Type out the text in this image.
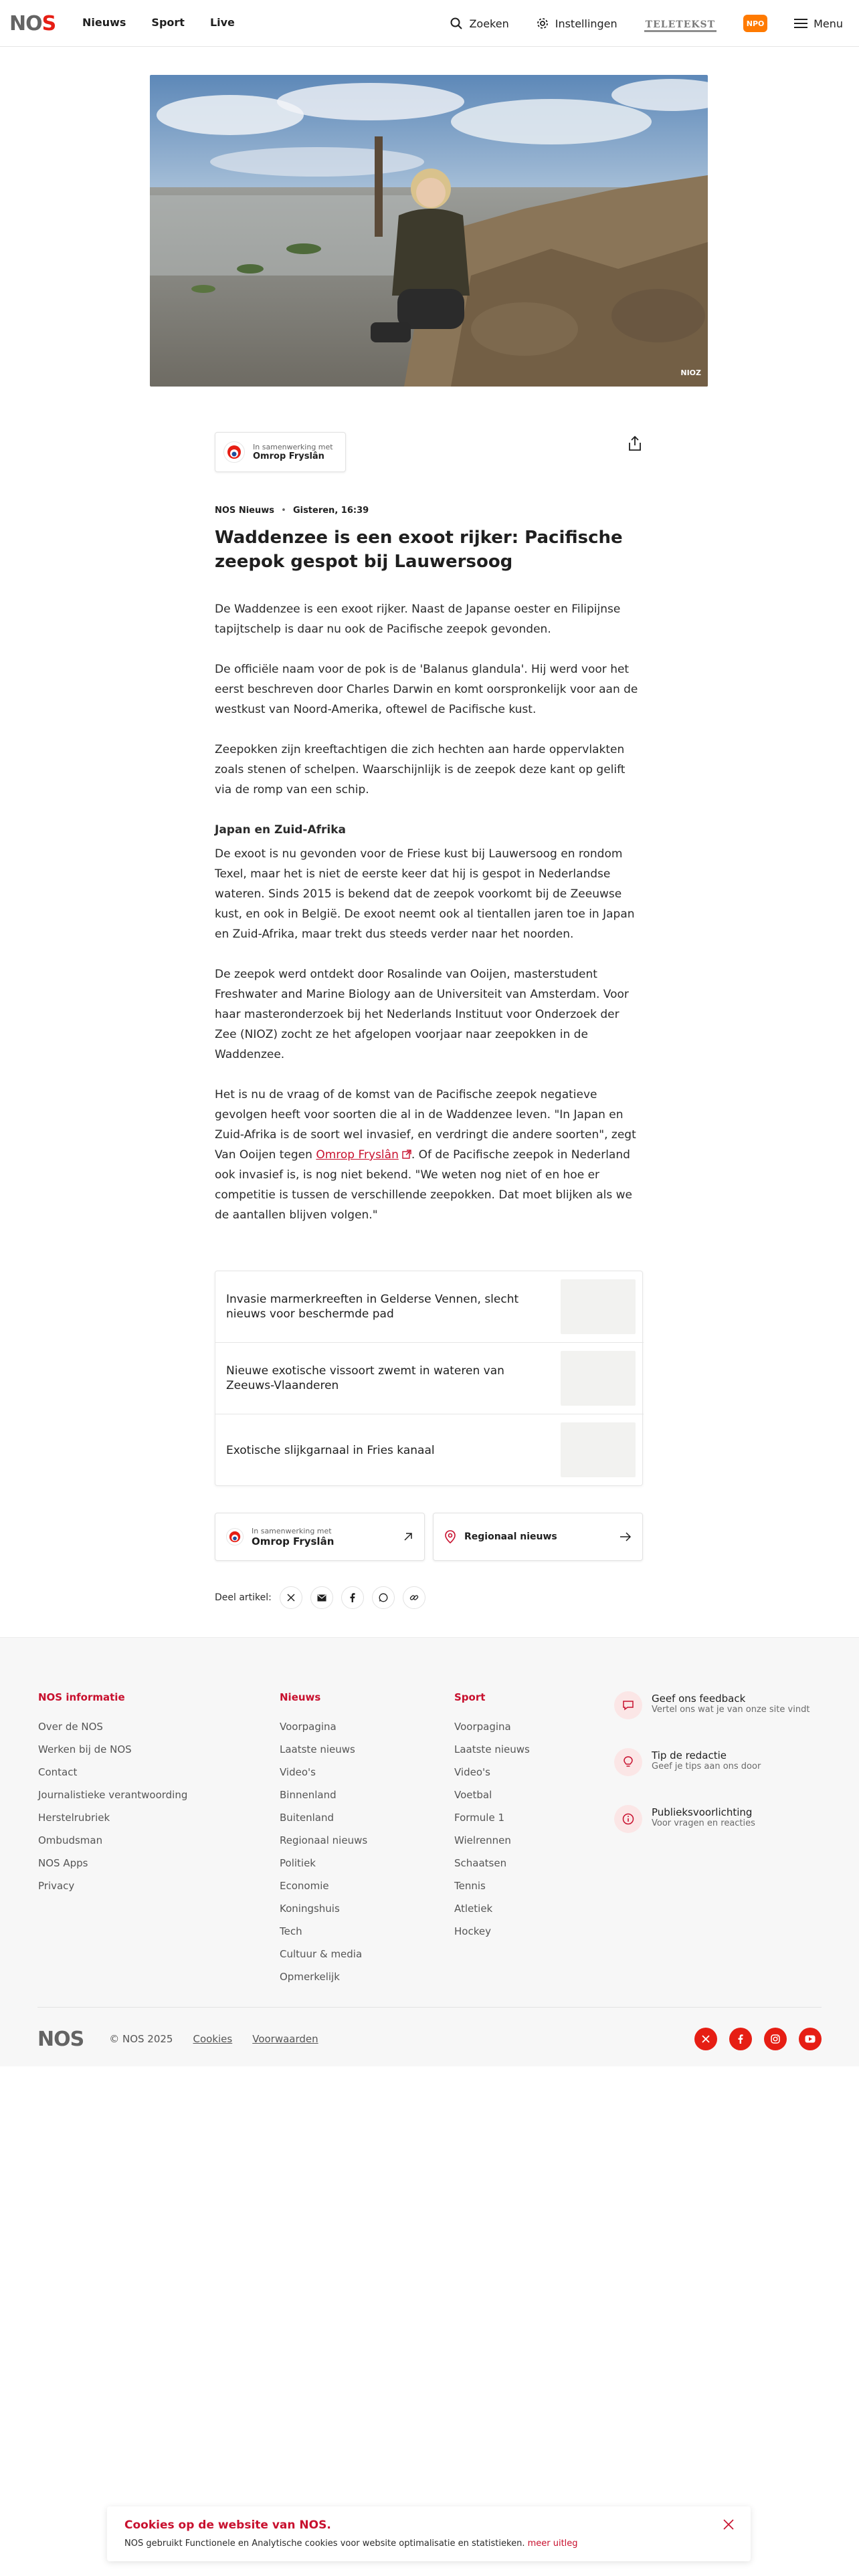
NOS Nieuws Sport Live	Zoeken	Instellingen	TELETEKST	NPO	Menu
NIOZ
In samenwerking met
Omrop Fryslân
NOS Nieuws • Gisteren, 16:39
Waddenzee is een exoot rijker: Pacifische zeepok gespot bij Lauwersoog

De Waddenzee is een exoot rijker. Naast de Japanse oester en Filipijnse tapijtschelp is daar nu ook de Pacifische zeepok gevonden.

De officiële naam voor de pok is de 'Balanus glandula'. Hij werd voor het eerst beschreven door Charles Darwin en komt oorspronkelijk voor aan de westkust van Noord-Amerika, oftewel de Pacifische kust.

Zeepokken zijn kreeftachtigen die zich hechten aan harde oppervlakten zoals stenen of schelpen. Waarschijnlijk is de zeepok deze kant op gelift via de romp van een schip.

Japan en Zuid-Afrika

De exoot is nu gevonden voor de Friese kust bij Lauwersoog en rondom Texel, maar het is niet de eerste keer dat hij is gespot in Nederlandse wateren. Sinds 2015 is bekend dat de zeepok voorkomt bij de Zeeuwse kust, en ook in België. De exoot neemt ook al tientallen jaren toe in Japan en Zuid-Afrika, maar trekt dus steeds verder naar het noorden.

De zeepok werd ontdekt door Rosalinde van Ooijen, masterstudent Freshwater and Marine Biology aan de Universiteit van Amsterdam. Voor haar masteronderzoek bij het Nederlands Instituut voor Onderzoek der Zee (NIOZ) zocht ze het afgelopen voorjaar naar zeepokken in de Waddenzee.

Het is nu de vraag of de komst van de Pacifische zeepok negatieve gevolgen heeft voor soorten die al in de Waddenzee leven. "In Japan en Zuid-Afrika is de soort wel invasief, en verdringt die andere soorten", zegt Van Ooijen tegen Omrop Fryslân . Of de Pacifische zeepok in Nederland ook invasief is, is nog niet bekend. "We weten nog niet of en hoe er competitie is tussen de verschillende zeepokken. Dat moet blijken als we de aantallen blijven volgen."

Invasie marmerkreeften in Gelderse Vennen, slecht nieuws voor beschermde pad
Nieuwe exotische vissoort zwemt in wateren van Zeeuws-Vlaanderen
Exotische slijkgarnaal in Fries kanaal
In samenwerking met
Omrop Fryslân	Regionaal nieuws
Deel artikel:
NOS informatie
Over de NOS
Werken bij de NOS
Contact
Journalistieke verantwoording
Herstelrubriek
Ombudsman
NOS Apps
Privacy
Nieuws
Voorpagina
Laatste nieuws
Video's
Binnenland
Buitenland
Regionaal nieuws
Politiek
Economie
Koningshuis
Tech
Cultuur & media
Opmerkelijk
Sport
Voorpagina
Laatste nieuws
Video's
Voetbal
Formule 1
Wielrennen
Schaatsen
Tennis
Atletiek
Hockey
Geef ons feedback
Vertel ons wat je van onze site vindt
Tip de redactie
Geef je tips aan ons door
Publieksvoorlichting
Voor vragen en reacties
NOS	© NOS 2025 Cookies Voorwaarden
Cookies op de website van NOS.
NOS gebruikt Functionele en Analytische cookies voor website optimalisatie en statistieken. meer uitleg
